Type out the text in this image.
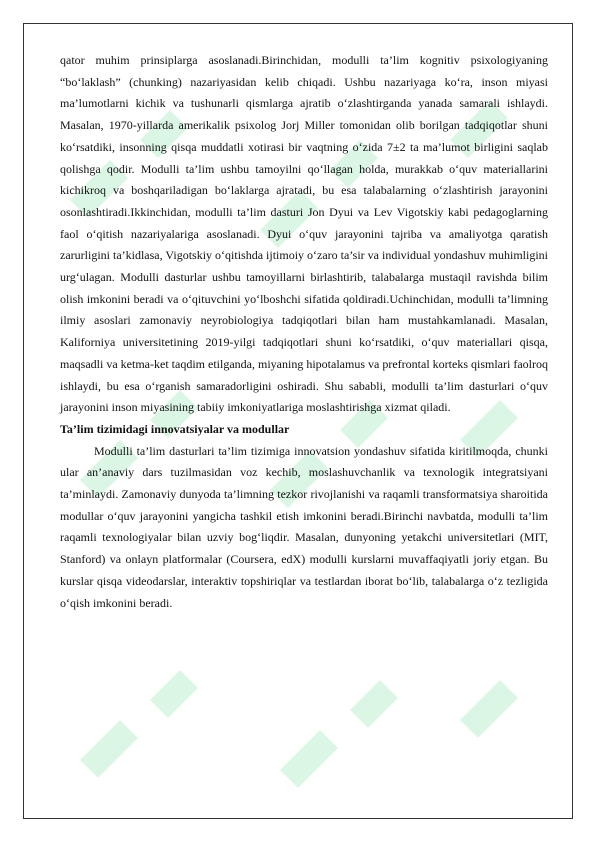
qator muhim prinsiplarga asoslanadi.Birinchidan, modulli ta’lim kognitiv psixologiyaning “bo‘laklash” (chunking) nazariyasidan kelib chiqadi. Ushbu nazariyaga ko‘ra, inson miyasi ma’lumotlarni kichik va tushunarli qismlarga ajratib o‘zlashtirganda yanada samarali ishlaydi. Masalan, 1970-yillarda amerikalik psixolog Jorj Miller tomonidan olib borilgan tadqiqotlar shuni ko‘rsatdiki, insonning qisqa muddatli xotirasi bir vaqtning o‘zida 7±2 ta ma’lumot birligini saqlab qolishga qodir. Modulli ta’lim ushbu tamoyilni qo‘llagan holda, murakkab o‘quv materiallarini kichikroq va boshqariladigan bo‘laklarga ajratadi, bu esa talabalarning o‘zlashtirish jarayonini osonlashtiradi.Ikkinchidan, modulli ta’lim dasturi Jon Dyui va Lev Vigotskiy kabi pedagoglarning faol o‘qitish nazariyalariga asoslanadi. Dyui o‘quv jarayonini tajriba va amaliyotga qaratish zarurligini ta’kidlasa, Vigotskiy o‘qitishda ijtimoiy o‘zaro ta’sir va individual yondashuv muhimligini urg‘ulagan. Modulli dasturlar ushbu tamoyillarni birlashtirib, talabalarga mustaqil ravishda bilim olish imkonini beradi va o‘qituvchini yo‘lboshchi sifatida qoldiradi.Uchinchidan, modulli ta’limning ilmiy asoslari zamonaviy neyrobiologiya tadqiqotlari bilan ham mustahkamlanadi. Masalan, Kaliforniya universitetining 2019-yilgi tadqiqotlari shuni ko‘rsatdiki, o‘quv materiallari qisqa, maqsadli va ketma-ket taqdim etilganda, miyaning hipotalamus va prefrontal korteks qismlari faolroq ishlaydi, bu esa o‘rganish samaradorligini oshiradi. Shu sababli, modulli ta’lim dasturlari o‘quv jarayonini inson miyasining tabiiy imkoniyatlariga moslashtirishga xizmat qiladi.

Ta’lim tizimidagi innovatsiyalar va modullar

Modulli ta’lim dasturlari ta’lim tizimiga innovatsion yondashuv sifatida kiritilmoqda, chunki ular an’anaviy dars tuzilmasidan voz kechib, moslashuvchanlik va texnologik integratsiyani ta’minlaydi. Zamonaviy dunyoda ta’limning tezkor rivojlanishi va raqamli transformatsiya sharoitida modullar o‘quv jarayonini yangicha tashkil etish imkonini beradi.Birinchi navbatda, modulli ta’lim raqamli texnologiyalar bilan uzviy bog‘liqdir. Masalan, dunyoning yetakchi universitetlari (MIT, Stanford) va onlayn platformalar (Coursera, edX) modulli kurslarni muvaffaqiyatli joriy etgan. Bu kurslar qisqa videodarslar, interaktiv topshiriqlar va testlardan iborat bo‘lib, talabalarga o‘z tezligida o‘qish imkonini beradi.
